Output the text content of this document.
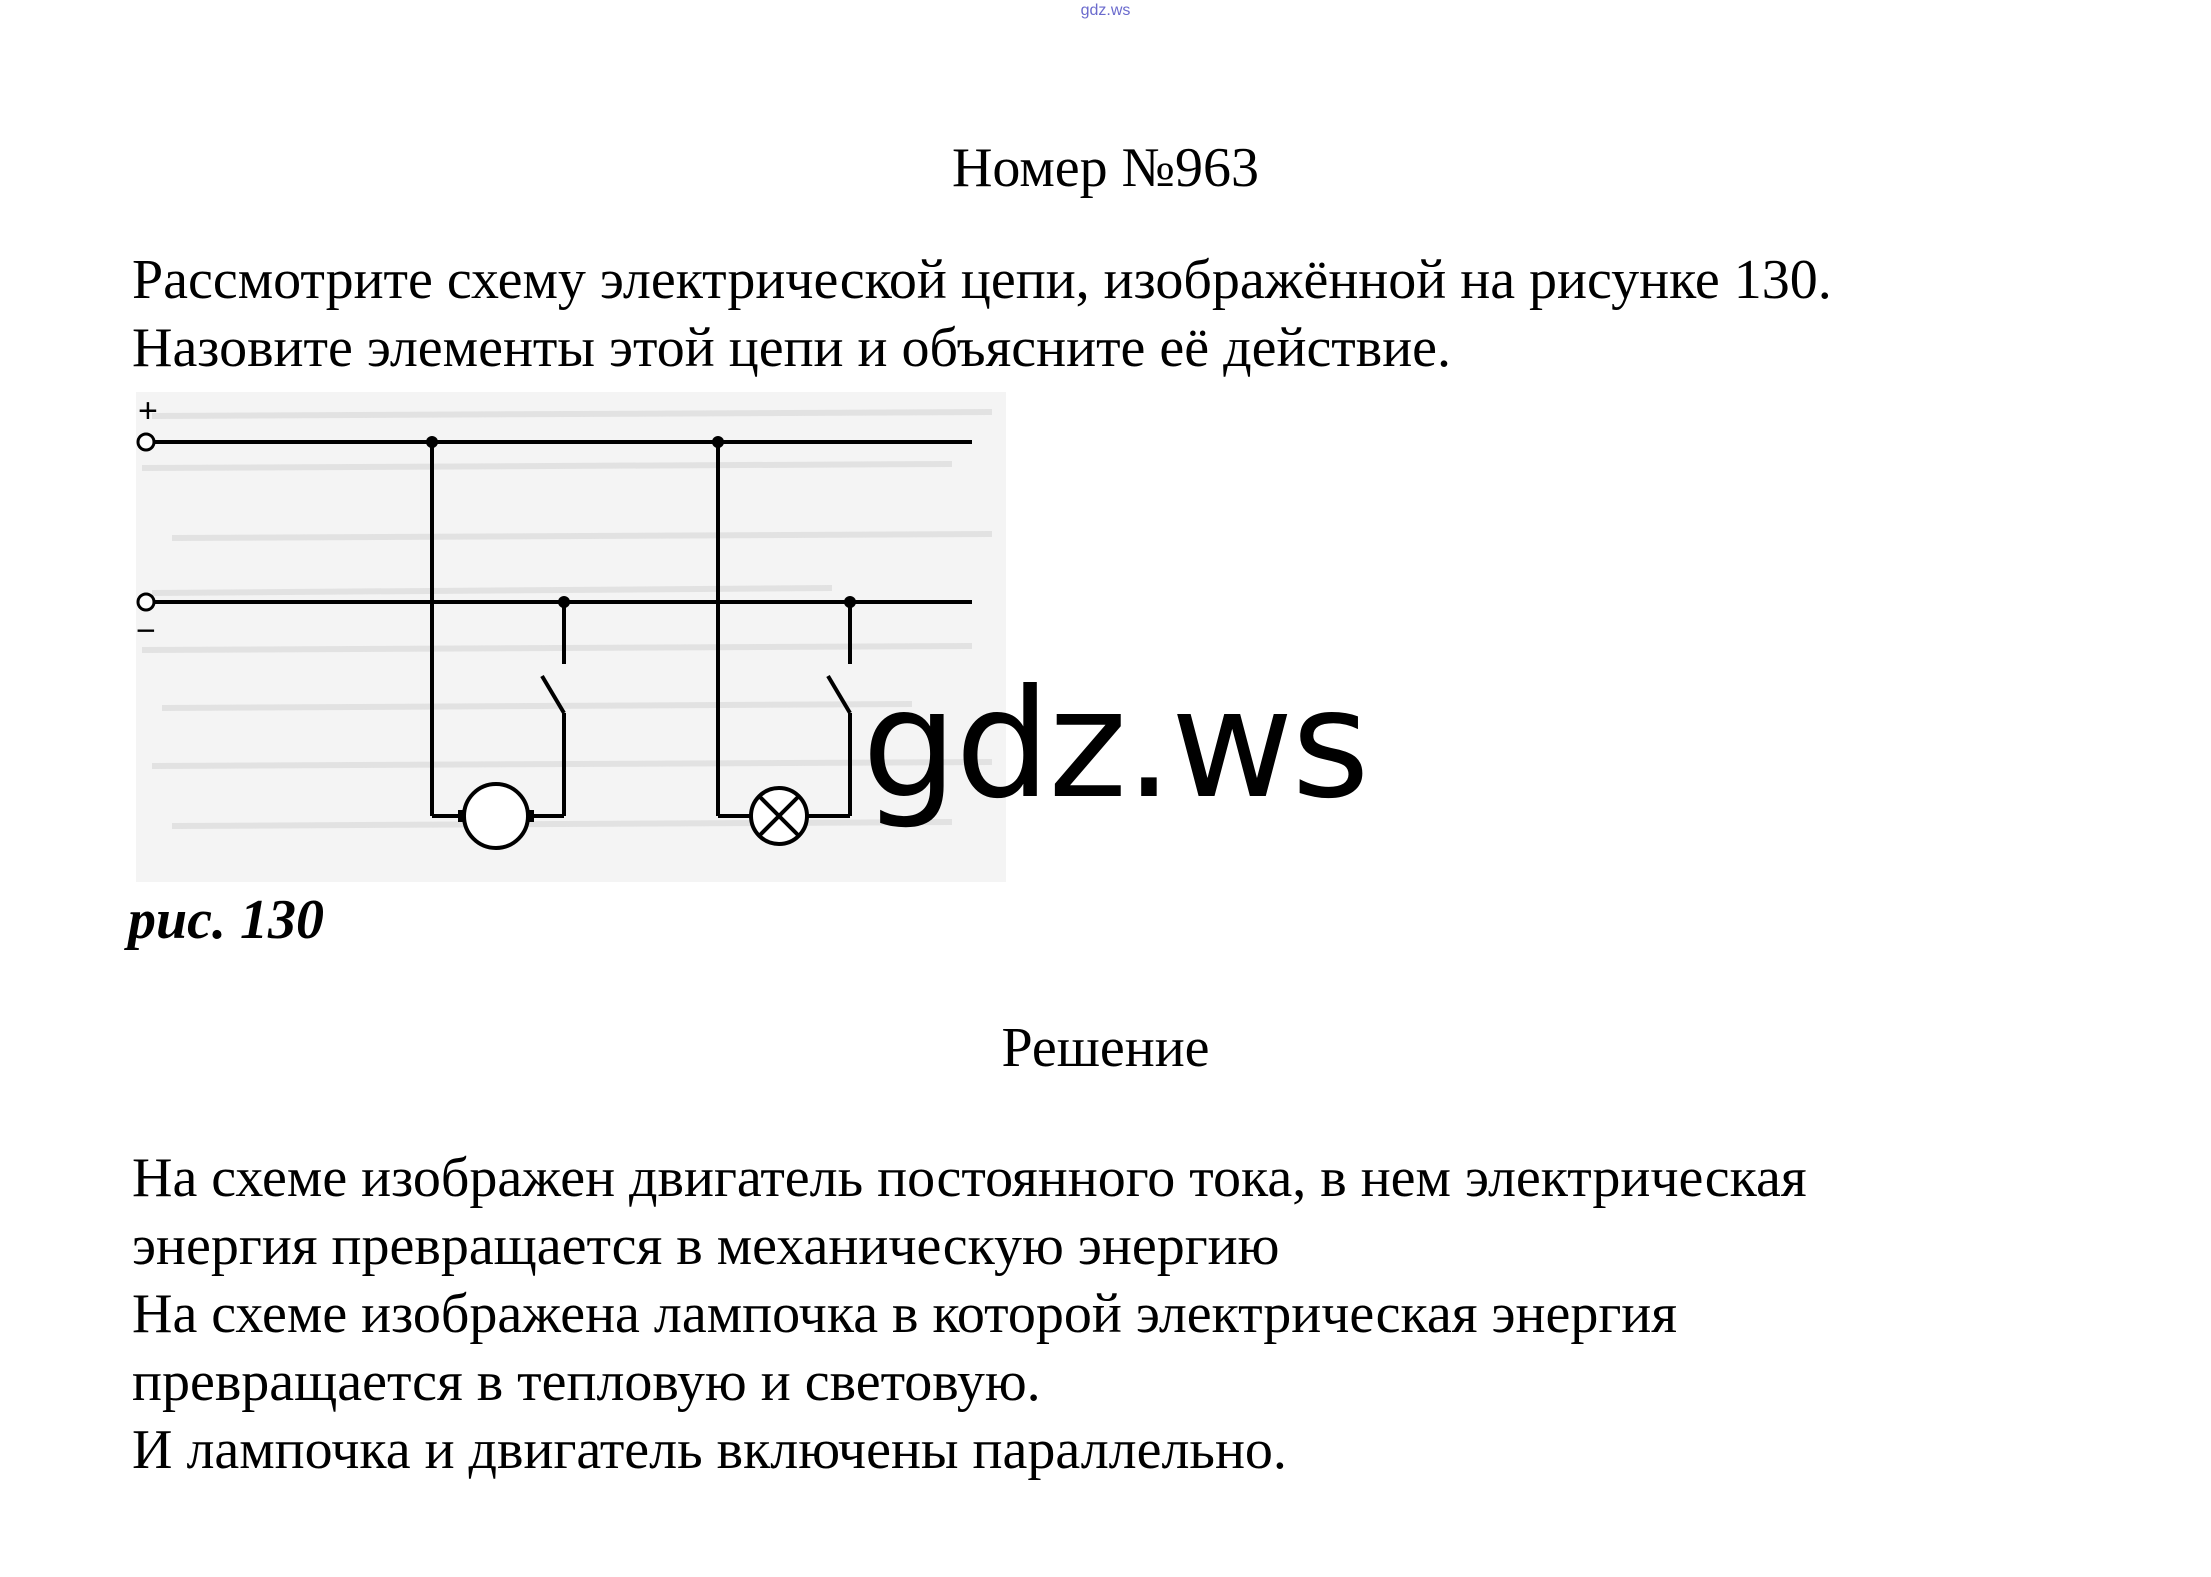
gdz.ws
Номер №963

Рассмотрите схему электрической цепи, изображённой на рисунке 130.

Назовите элементы этой цепи и объясните её действие.

+
−
gdz.ws
рис. 130
Решение

На схеме изображен двигатель постоянного тока, в нем электрическая

энергия превращается в механическую энергию

На схеме изображена лампочка в которой электрическая энергия

превращается в тепловую и световую.

И лампочка и двигатель включены параллельно.
